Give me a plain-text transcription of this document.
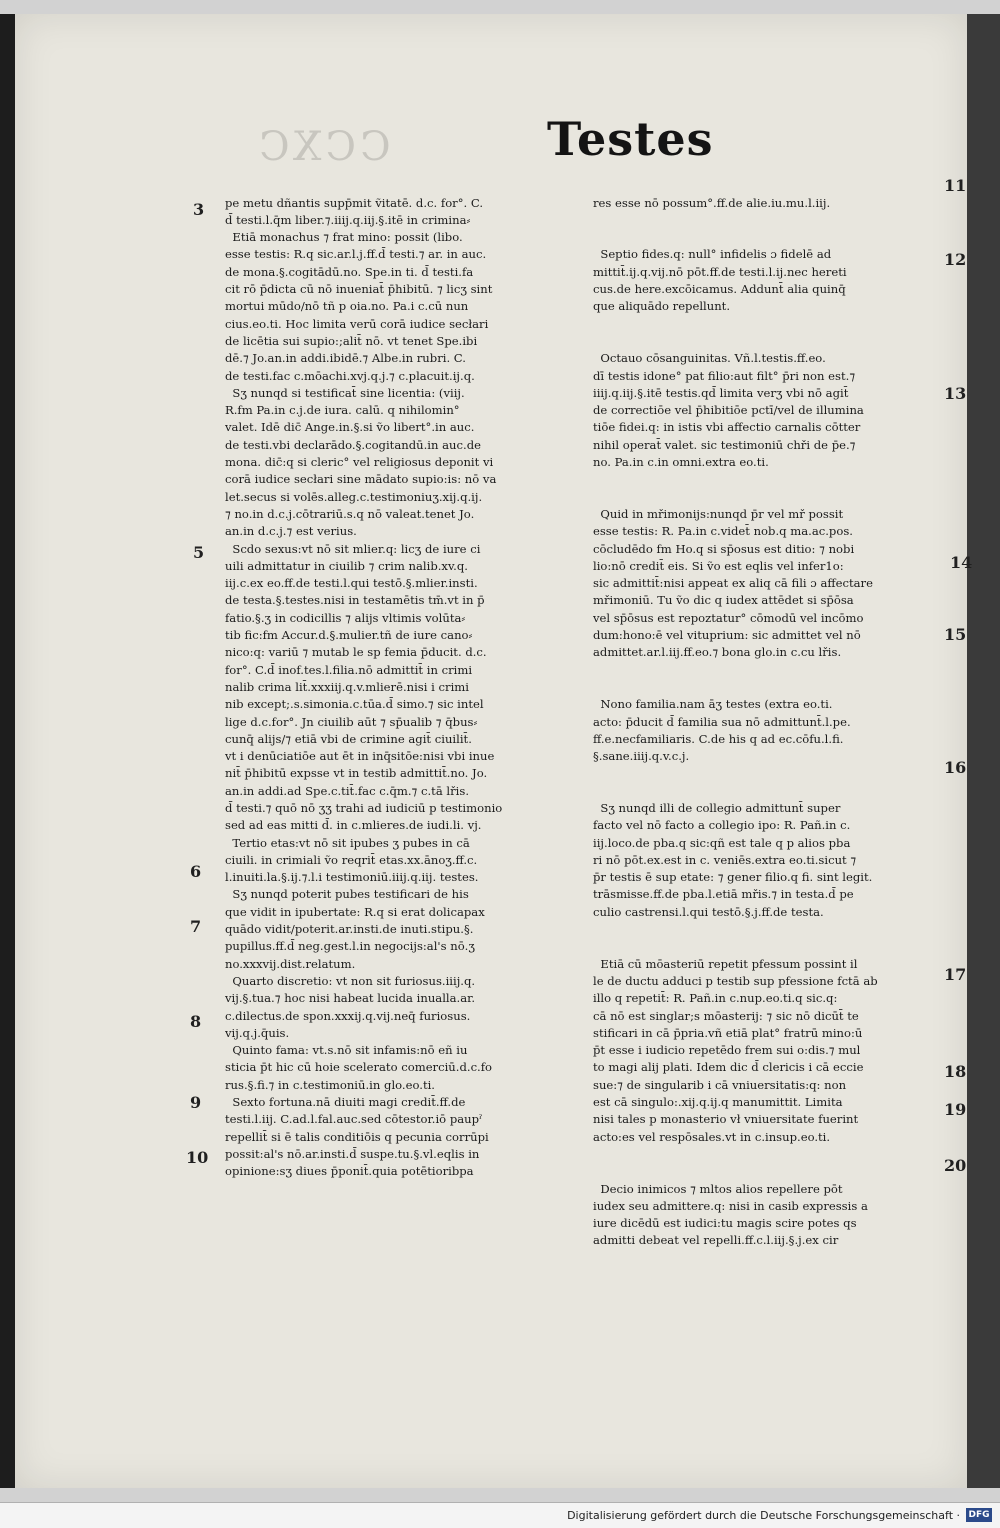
CCXC	Testes

pe metu dñantis supp̄mit ṽitatē. d.c. for°. C.
d̄ testi.l.q̄m liber.⁊.iiij.q.iij.§.itē in crimina⸗
Etiā monachus ⁊ frat mino: possit (libo.
esse testis: R.q sic.ar.l.j.ff.d̄ testi.⁊ ar. in auc.
de mona.§.cogitādū.no. Spe.in ti. d̄ testi.fa
cit rō p̄dicta cū nō inueniat̄ p̄hibitū. ⁊ licʒ sint
mortui mūdo/nō tñ p oia.no. Pa.i c.cū nun
cius.eo.ti. Hoc limita verū corā iudice secłari
de licētia sui supio:;alit̄ nō. vt tenet Spe.ibi
dē.⁊ Jo.an.in addi.ibidē.⁊ Albe.in rubri. C.
de testi.fac c.mōachi.xvj.q.j.⁊ c.placuit.ij.q.
Sʒ nunqd si testificat̄ sine licentia: (viij.
R.fm Pa.in c.j.de iura. calū. q nihilomin°
valet. Idē dic̄ Ange.in.§.si ṽo libert°.in auc.
de testi.vbi declarādo.§.cogitandū.in auc.de
mona. dic̄:q si cleric° vel religiosus deponit vi
corā iudice secłari sine mādato supio:is: nō va
let.secus si volēs.alleg.c.testimoniuʒ.xij.q.ij.
⁊ no.in d.c.j.cōtrariū.s.q nō valeat.tenet Jo.
an.in d.c.j.⁊ est verius.
Scdo sexus:vt nō sit mlier.q: licʒ de iure ci
uili admittatur in ciuilib ⁊ crim nalib.xv.q.
iij.c.ex eo.ff.de testi.l.qui testō.§.mlier.insti.
de testa.§.testes.nisi in testamētis tm̄.vt in p̄
fatio.§.ʒ in codicillis ⁊ alijs vltimis volūta⸗
tib fic:fm Accur.d.§.mulier.tñ de iure cano⸗
nico:q: variū ⁊ mutab le sp femia p̄ducit. d.c.
for°. C.d̄ inof.tes.l.filia.nō admittit̄ in crimi
nalib crima lit̄.xxxiij.q.v.mlierē.nisi i crimi
nib except;.s.simonia.c.tūa.d̄ simo.⁊ sic intel
lige d.c.for°. Jn ciuilib aūt ⁊ sp̄ualib ⁊ q̄bus⸗
cunq̄ alijs/⁊ etiā vbi de crimine agit̄ ciuilit̄.
vt i denūciatiōe aut ēt in inq̄sitōe:nisi vbi inue
nit̄ p̄hibitū expsse vt in testib admittit̄.no. Jo.
an.in addi.ad Spe.c.tit̄.fac c.q̄m.⁊ c.tā lřis.
d̄ testi.⁊ quō nō ʒʒ trahi ad iudiciū p testimonio
sed ad eas mitti d̄. in c.mlieres.de iudi.li. vj.
Tertio etas:vt nō sit ipubes ʒ pubes in cā
ciuili. in crimiali ṽo reqrit̄ etas.xx.ānoʒ.ff.c.
l.inuiti.la.§.ij.⁊.l.i testimoniū.iiij.q.iij. testes.
Sʒ nunqd poterit pubes testificari de his
que vidit in ipubertate: R.q si erat dolicapax
quādo vidit/poterit.ar.insti.de inuti.stipu.§.
pupillus.ff.d̄ neg.gest.l.in negocijs:al's nō.ʒ
no.xxxvij.dist.relatum.
Quarto discretio: vt non sit furiosus.iiij.q.
vij.§.tua.⁊ hoc nisi habeat lucida inualla.ar.
c.dilectus.de spon.xxxij.q.vij.neq̄ furiosus.
vij.q.j.q̄uis.
Quinto fama: vt.s.nō sit infamis:nō eñ iu
sticia p̄t hic cū hoie scelerato comerciū.d.c.fo
rus.§.fi.⁊ in c.testimoniū.in glo.eo.ti.
Sexto fortuna.nā diuiti magi credit̄.ff.de
testi.l.iij. C.ad.l.fal.auc.sed cōtestor.iō paupˀ
repellit̄ si ē talis conditiōis q pecunia corrūpi
possit:al's nō.ar.insti.d̄ suspe.tu.§.vl.eqlis in
opinione:sʒ diues p̄ponit̄.quia potētioribpa

res esse nō possum°.ff.de alie.iu.mu.l.iij.

Septio fides.q: null° infidelis ɔ fidelē ad
mittit̄.ij.q.vij.nō pōt.ff.de testi.l.ij.nec hereti
cus.de here.excōicamus. Addunt̄ alia quinq̄
que aliquādo repellunt.

Octauo cōsanguinitas. Vñ.l.testis.ff.eo.
dī testis idone° pat filio:aut filt° p̄ri non est.⁊
iiij.q.iij.§.itē testis.qd̄ limita verʒ vbi nō agit̄
de correctiōe vel p̄hibitiōe pctī/vel de illumina
tiōe fidei.q: in istis vbi affectio carnalis cōtter
nihil operat̄ valet. sic testimoniū chři de p̄e.⁊
no. Pa.in c.in omni.extra eo.ti.

Quid in mřimonijs:nunqd p̄r vel mř possit
esse testis: R. Pa.in c.videt̄ nob.q ma.ac.pos.
cōcludēdo fm Ho.q si sp̄osus est ditio: ⁊ nobi
lio:nō credit̄ eis. Si ṽo est eqlis vel infer1o:
sic admittit̄:nisi appeat ex aliq cā fili ɔ affectare
mřimoniū. Tu ṽo dic q iudex attēdet si sp̄ōsa
vel sp̄ōsus est repoztatur° cōmodū vel incōmo
dum:hono:ē vel vituprium: sic admittet vel nō
admittet.ar.l.iij.ff.eo.⁊ bona glo.in c.cu lřis.

Nono familia.nam āʒ testes (extra eo.ti.
acto: p̄ducit d̄ familia sua nō admittunt̄.l.pe.
ff.e.necfamiliaris. C.de his q ad ec.cōfu.l.fi.
§.sane.iiij.q.v.c.j.

Sʒ nunqd illi de collegio admittunt̄ super
facto vel nō facto a collegio ipo: R. Pañ.in c.
iij.loco.de pba.q sic:qñ est tale q p alios pba
ri nō pōt.ex.est in c. veniēs.extra eo.ti.sicut ⁊
p̄r testis ē sup etate: ⁊ gener filio.q fi. sint legit.
trāsmisse.ff.de pba.l.etiā mřis.⁊ in testa.d̄ pe
culio castrensi.l.qui testō.§.j.ff.de testa.

Etiā cū mōasteriū repetit pfessum possint il
le de ductu adduci p testib sup pfessione fctā ab
illo q repetit̄: R. Pañ.in c.nup.eo.ti.q sic.q:
cā nō est singlar;s mōasterij: ⁊ sic nō dicūt̄ te
stificari in cā p̄pria.vñ etiā plat° fratrū mino:ū
p̄t esse i iudicio repetēdo frem sui o:dis.⁊ mul
to magi alij plati. Idem dic d̄ clericis i cā eccie
sue:⁊ de singularib i cā vniuersitatis:q: non
est cā singulo:.xij.q.ij.q manumittit. Limita
nisi tales p monasterio vł vniuersitate fuerint
acto:es vel respōsales.vt in c.insup.eo.ti.

Decio inimicos ⁊ mltos alios repellere pōt
iudex seu admittere.q: nisi in casib expressis a
iure dicēdū est iudici:tu magis scire potes qs
admitti debeat vel repelli.ff.c.l.iij.§.j.ex cir

3
5
6
7
8
9
10
11
12
13
14
15
16
17
18
19
20
Digitalisierung gefördert durch die Deutsche Forschungsgemeinschaft · DFG
